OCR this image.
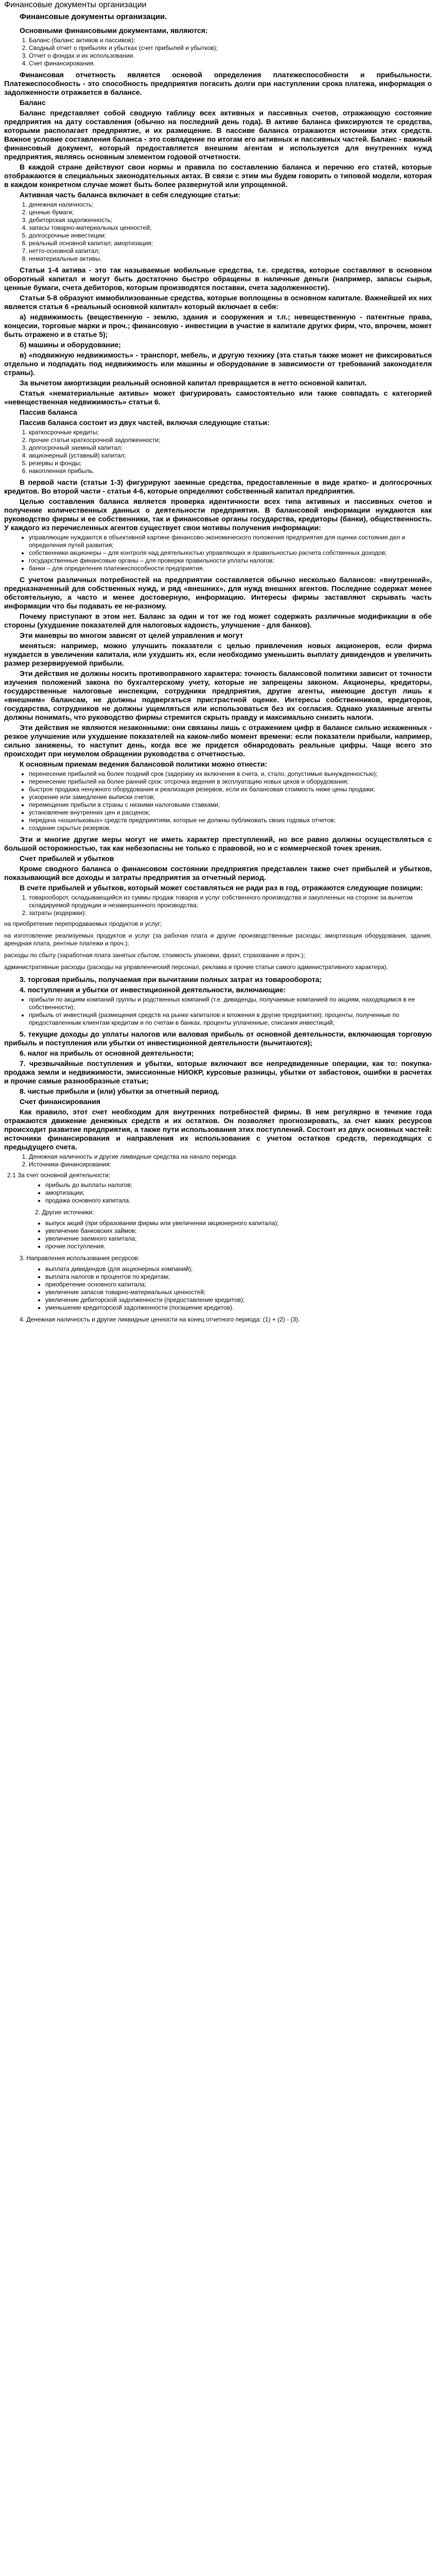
Финансовые документы организации
Финансовые документы организации.
Основными финансовыми документами, являются:
1. Баланс (баланс активов и пассивов);
2. Сводный отчет о прибылях и убытках (счет прибылей и убытков);
3. Отчет о фондах и их использовании.
4. Счет финансирования.

Финансовая отчетность является основой определения платежеспособности и прибыльности. Платежеспособность - это способность предприятия погасить долги при наступлении срока платежа, информация о задолженности отражается в балансе.

Баланс

Баланс представляет собой сводную таблицу всех активных и пассивных счетов, отражающую состояние предприятия на дату составления (обычно на последний день года). В активе баланса фиксируются те средства, которыми располагает предприятие, и их размещение. В пассиве баланса отражаются источники этих средств. Важное условие составления баланса - это совпадение по итогам его активных и пассивных частей. Баланс - важный финансовый документ, который предоставляется внешним агентам и используется для внутренних нужд предприятия, являясь основным элементом годовой отчетности.

В каждой стране действуют свои нормы и правила по составлению баланса и перечню его статей, которые отображаются в специальных законодательных актах. В связи с этим мы будем говорить о типовой модели, которая в каждом конкретном случае может быть более развернутой или упрощенной.

Активная часть баланса включает в себя следующие статьи:

1. денежная наличность;
2. ценные бумаги;
3. дебиторская задолженность;
4. запасы товарно-материальных ценностей;
5. долгосрочные инвестиции;
6. реальный основной капитал; амортизация;
7. нетто-основной капитал;
8. нематериальные активы.

Статьи 1-4 актива - это так называемые мобильные средства, т.е. средства, которые составляют в основном оборотный капитал и могут быть достаточно быстро обращены в наличные деньги (например, запасы сырья, ценные бумаги, счета дебиторов, которым производятся поставки, счета задолженности).

Статьи 5-8 образуют иммобилизованные средства, которые воплощены в основном капитале. Важнейшей их них является статья 6 «реальный основной капитал» который включает в себя:

а) недвижимость (вещественную - землю, здания и сооружения и т.п.; невещественную - патентные права, концесии, торговые марки и проч.; финансовую - инвестиции в участие в капитале других фирм, что, впрочем, может быть отражено и в статье 5);

б) машины и оборудование;

в) «подвижную недвижимость» - транспорт, мебель, и другую технику (эта статья также может не фиксироваться отдельно и подпадать под недвижимость или машины и оборудование в зависимости от требований законодателя страны).

За вычетом амортизации реальный основной капитал превращается в нетто основной капитал.

Статья «нематериальные активы» может фигурировать самостоятельно или также совпадать с категорией «невещественная недвижимость» статьи 6.

Пассив баланса

Пассив баланса состоит из двух частей, включая следующие статьи:

1. краткосрочные кредиты;
2. прочие статьи краткосрочной задолженности;
3. долгосрочный заемный капитал;
4. акционерный (уставный) капитал;
5. резервы и фонды;
6. накопленная прибыль.

В первой части (статьи 1-3) фигурируют заемные средства, предоставленные в виде кратко- и долгосрочных кредитов. Во второй части - статьи 4-6, которые определяют собственный капитал предприятия.

Целью составления баланса является проверка идентичности всех типа активных и пассивных счетов и получение количественных данных о деятельности предприятия. В балансовой информации нуждаются как руководство фирмы и ее собственники, так и финансовые органы государства, кредиторы (банки), общественность. У каждого из перечисленных агентов существует свои мотивы получения информации:

• управляющие нуждаются в объективной картине финансово-экономического положения предприятия для оценки состояния дел и определения путей развития;
• собственники-акционеры – для контроля над деятельностью управляющих и правильностью расчета собственных доходов;
• государственные финансовые органы – для проверки правильности уплаты налогов;
• банки – для определения платежеспособности предприятия.

С учетом различных потребностей на предприятии составляется обычно несколько балансов: «внутренний», предназначенный для собственных нужд, и ряд «внешних», для нужд внешних агентов. Последние содержат менее обстоятельную, а часто и менее достоверную, информацию. Интересы фирмы заставляют скрывать часть информации что бы подавать ее не-разному.

Почему приступают в этом нет. Баланс за один и тот же год может содержать различные модификации в обе стороны (ухудшение показателей для налоговых кадоисть, улучшение - для банков).

Эти маневры во многом зависят от целей управления и могут

меняться: например, можно улучшить показатели с целью привлечения новых акционеров, если фирма нуждается в увеличении капитала, или ухудшить их, если необходимо уменьшить выплату дивидендов и увеличить размер резервируемой прибыли.

Эти действия не должны носить противоправного характера: точность балансовой политики зависит от точности изучения положений закона по бухгалтерскому учету, которые не запрещены законом. Акционеры, кредиторы, государственные налоговые инспекции, сотрудники предприятия, другие агенты, имеющие доступ лишь к «внешним» балансам, не должны подвергаться пристрастной оценке. Интересы собственников, кредиторов, государства, сотрудников не должны ущемляться или использоваться без их согласия. Однако указанные агенты должны понимать, что руководство фирмы стремится скрыть правду и максимально снизить налоги.

Эти действия не являются незаконными: они связаны лишь с отражением цифр в балансе сильно искаженных - резкое улучшение или ухудшение показателей на каком-либо момент времени: если показатели прибыли, например, сильно занижены, то наступит день, когда все же придется обнародовать реальные цифры. Чаще всего это происходит при неумелом обращении руководства с отчетностью.

К основным приемам ведения балансовой политики можно отнести:

• перенесение прибылей на более поздний срок (задержку их включения в счета, и, стало, допустимые вынужденностью);
• перенесение прибылей на более ранний срок: отсрочка ведения в эксплуатацию новых цехов и оборудования;
• быстрое продажа ненужного оборудования и реализация резервов, если их балансовая стоимость ниже цены продажи;
• ускорение или замедление выписки счетов;
• перемещение прибыли в страны с низкими налоговыми ставками;
• установление внутренних цен и расценок;
• передача «кошельковых» средств предприятиям, которые не должны публиковать своих годовых отчетов;
• создание скрытых резервов.

Эти и многие другие меры могут не иметь характер преступлений, но все равно должны осуществляться с большой осторожностью, так как небезопасны не только с правовой, но и с коммерческой точек зрения.

Счет прибылей и убытков

Кроме сводного баланса о финансовом состоянии предприятия представлен также счет прибылей и убытков, показывающий все доходы и затраты предприятия за отчетный период.

В счете прибылей и убытков, который может составляться не ради раз в год, отражаются следующие позиции:

1. товарооборот, складывающийся из суммы продаж товаров и услуг собственного производства и закупленных на стороне за вычетом складируемой продукции и незавершенного производства;
2. затраты (издержки):

на приобретение перепродаваемых продуктов и услуг;

на изготовление реализуемых продуктов и услуг (за рабочая плата и другие производственные расходы; амортизация оборудования, здания, арендная плата, рентные платежи и проч.);

расходы по сбыту (заработная плата занятых сбытом, стоимость упаковки, фрахт, страхование и проч.);

административные расходы (расходы на управленческий персонал, реклама и прочие статьи самого административного характера).

3. торговая прибыль, получаемая при вычитании полных затрат из товарооборота;

4. поступления и убытки от инвестиционной деятельности, включающие:

• прибыли по акциям компаний группы и родственных компаний (т.е. дивиденды, получаемые компанией по акциям, находящимся в ее собственности);
• прибыль от инвестиций (размещения средств на рынке капиталов и вложения в другие предприятия); проценты, полученные по предоставленным клиентам кредитам и по счетам в банках, проценты уплаченные, списания инвестиций;

5. текущие доходы до уплаты налогов или валовая прибыль от основной деятельности, включающая торговую прибыль и поступления или убытки от инвестиционной деятельности (вычитаются);

6. налог на прибыль от основной деятельности;

7. чрезвычайные поступления и убытки, которые включают все непредвиденные операции, как то: покупка-продажа земли и недвижимости, эмиссионные НИОКР, курсовые разницы, убытки от забастовок, ошибки в расчетах и прочие самые разнообразные статьи;

8. чистые прибыли и (или) убытки за отчетный период.

Счет финансирования

Как правило, этот счет необходим для внутренних потребностей фирмы. В нем регулярно в течение года отражаются движение денежных средств и их остатков. Он позволяет прогнозировать, за счет каких ресурсов происходит развитие предприятия, а также пути использования этих поступлений. Состоит из двух основных частей: источники финансирования и направления их использования с учетом остатков средств, переходящих с предыдущего счета.

1. Денежная наличность и другие ликвидные средства на начало периода.
2. Источники финансирования:
2.1 За счет основной деятельности:
• прибыль до выплаты налогов;
• амортизации;
• продажа основного капитала.
2. Другие источники:
• выпуск акций (при образовании фирмы или увеличении акционерного капитала);
• увеличение банковских займов;
• увеличение заемного капитала;
• прочие поступления.
3. Направления использования ресурсов:
• выплата дивидендов (для акционерных компаний);
• выплата налогов и процентов по кредитам;
• приобретение основного капитала;
• увеличение запасов товарно-материальных ценностей;
• увеличение дебиторской задолженности (предоставление кредитов);
• уменьшение кредиторской задолженности (погашение кредитов).
4. Денежная наличность и другие ликвидные ценности на конец отчетного периода: (1) + (2) - (3).
